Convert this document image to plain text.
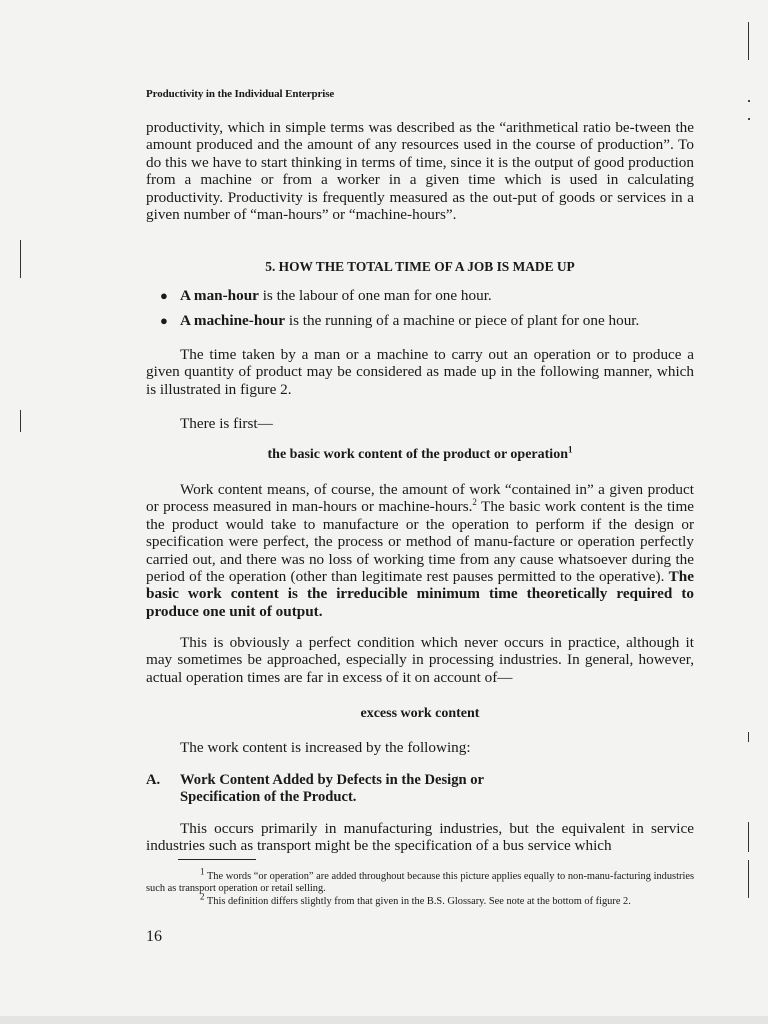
Productivity in the Individual Enterprise
productivity, which in simple terms was described as the “arithmetical ratio be-tween the amount produced and the amount of any resources used in the course of production”. To do this we have to start thinking in terms of time, since it is the output of good production from a machine or from a worker in a given time which is used in calculating productivity. Productivity is frequently measured as the out-put of goods or services in a given number of “man-hours” or “machine-hours”.
5. HOW THE TOTAL TIME OF A JOB IS MADE UP
● A man-hour is the labour of one man for one hour.
● A machine-hour is the running of a machine or piece of plant for one hour.
The time taken by a man or a machine to carry out an operation or to produce a given quantity of product may be considered as made up in the following manner, which is illustrated in figure 2.
There is first—
the basic work content of the product or operation$^1$
Work content means, of course, the amount of work “contained in” a given product or process measured in man-hours or machine-hours.$^2$ The basic work content is the time the product would take to manufacture or the operation to perform if the design or specification were perfect, the process or method of manu-facture or operation perfectly carried out, and there was no loss of working time from any cause whatsoever during the period of the operation (other than legitimate rest pauses permitted to the operative). The basic work content is the irreducible minimum time theoretically required to produce one unit of output.
This is obviously a perfect condition which never occurs in practice, although it may sometimes be approached, especially in processing industries. In general, however, actual operation times are far in excess of it on account of—
excess work content
The work content is increased by the following:
A. Work Content Added by Defects in the Design or
Specification of the Product.
This occurs primarily in manufacturing industries, but the equivalent in service industries such as transport might be the specification of a bus service which
1 The words “or operation” are added throughout because this picture applies equally to non-manu-facturing industries such as transport operation or retail selling.
2 This definition differs slightly from that given in the B.S. Glossary. See note at the bottom of figure 2.
16
